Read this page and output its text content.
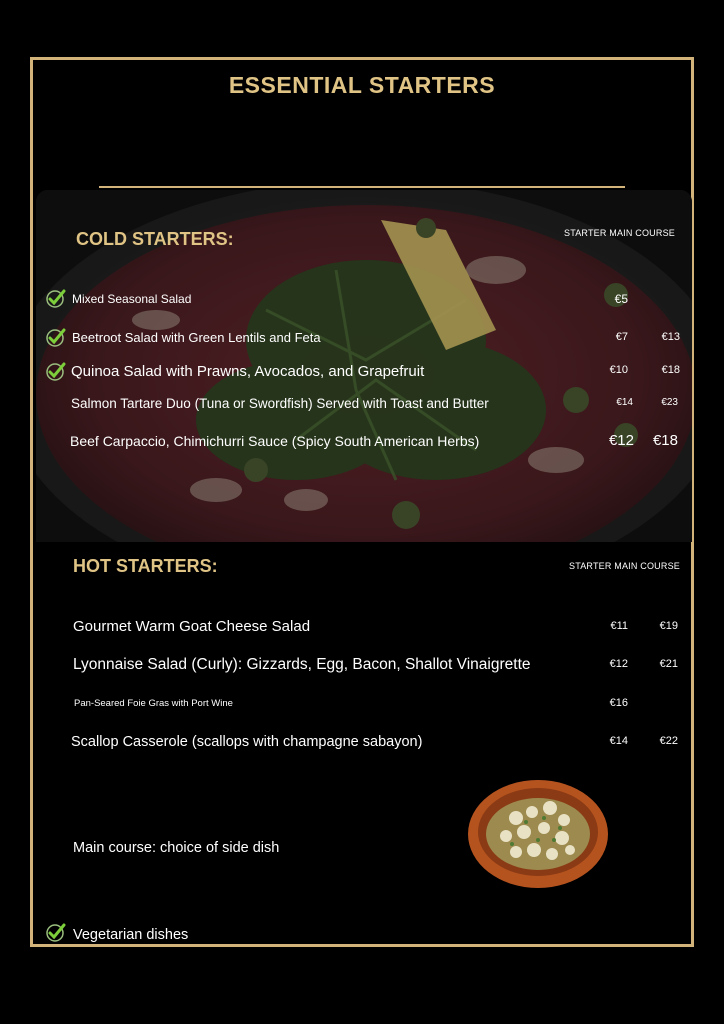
ESSENTIAL STARTERS
COLD STARTERS:	STARTER MAIN COURSE
Mixed Seasonal Salad	€5
Beetroot Salad with Green Lentils and Feta	€7	€13
Quinoa Salad with Prawns, Avocados, and Grapefruit	€10	€18
Salmon Tartare Duo (Tuna or Swordfish) Served with Toast and Butter	€14	€23
Beef Carpaccio, Chimichurri Sauce (Spicy South American Herbs)	€12	€18
HOT STARTERS:	STARTER MAIN COURSE
Gourmet Warm Goat Cheese Salad	€11	€19
Lyonnaise Salad (Curly): Gizzards, Egg, Bacon, Shallot Vinaigrette	€12	€21
Pan-Seared Foie Gras with Port Wine	€16
Scallop Casserole (scallops with champagne sabayon)	€14	€22
Main course: choice of side dish
Vegetarian dishes
